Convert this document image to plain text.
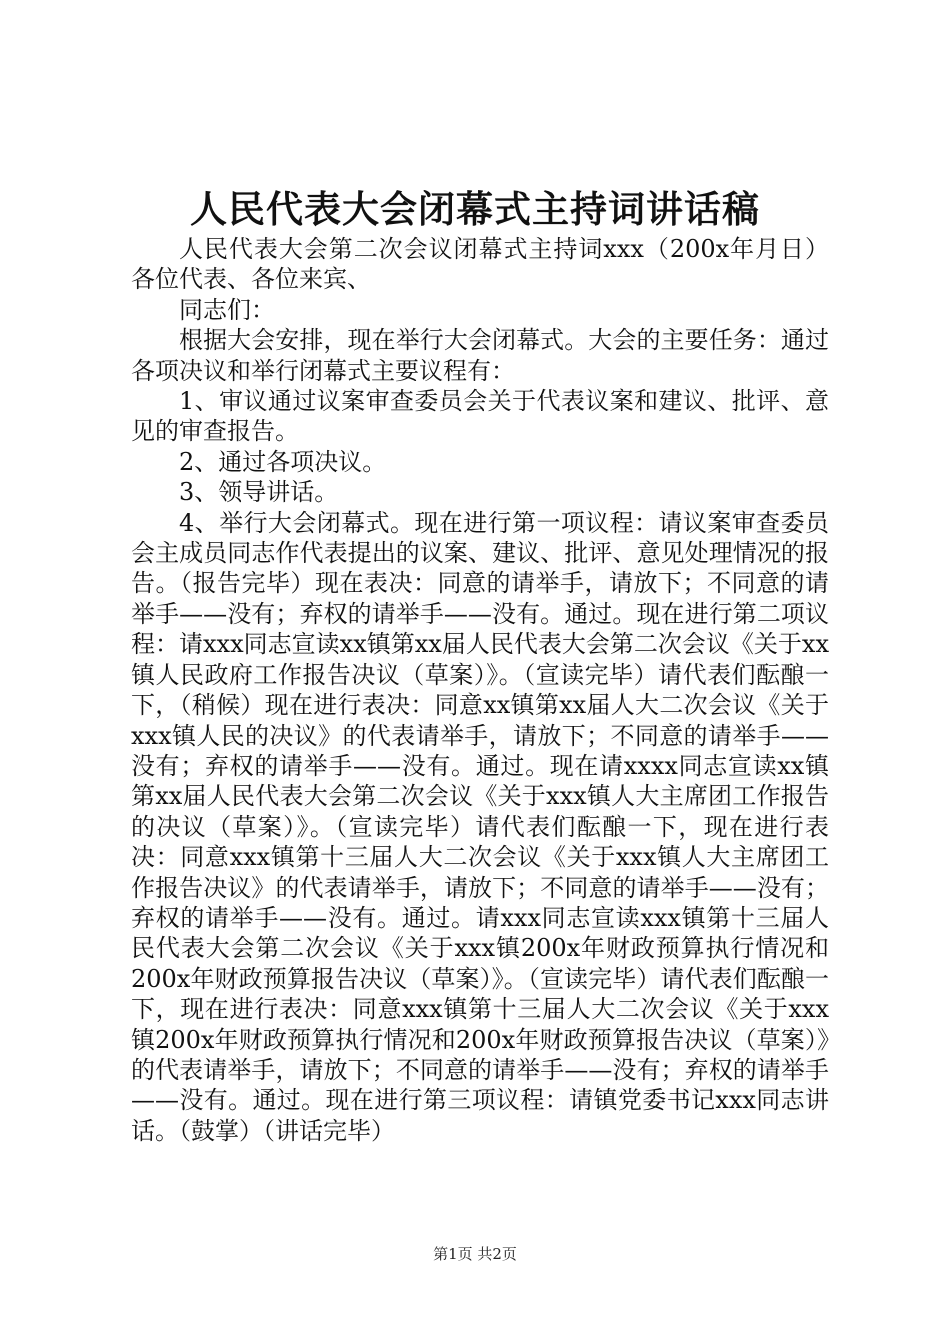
人民代表大会闭幕式主持词讲话稿

人民代表大会第二次会议闭幕式主持词xxx（200x年月日）各位代表、各位来宾、

同志们：

根据大会安排，现在举行大会闭幕式。大会的主要任务：通过各项决议和举行闭幕式主要议程有：

1、审议通过议案审查委员会关于代表议案和建议、批评、意见的审查报告。

2、通过各项决议。

3、领导讲话。

4、举行大会闭幕式。现在进行第一项议程：请议案审查委员会主成员同志作代表提出的议案、建议、批评、意见处理情况的报告。（报告完毕）现在表决：同意的请举手，请放下；不同意的请举手——没有；弃权的请举手——没有。通过。现在进行第二项议程：请xxx同志宣读xx镇第xx届人民代表大会第二次会议《关于xx镇人民政府工作报告决议（草案）》。（宣读完毕）请代表们酝酿一下，（稍候）现在进行表决：同意xx镇第xx届人大二次会议《关于xxx镇人民的决议》的代表请举手，请放下；不同意的请举手——没有；弃权的请举手——没有。通过。现在请xxxx同志宣读xx镇第xx届人民代表大会第二次会议《关于xxx镇人大主席团工作报告的决议（草案）》。（宣读完毕）请代表们酝酿一下，现在进行表决：同意xxx镇第十三届人大二次会议《关于xxx镇人大主席团工作报告决议》的代表请举手，请放下；不同意的请举手——没有；弃权的请举手——没有。通过。请xxx同志宣读xxx镇第十三届人民代表大会第二次会议《关于xxx镇200x年财政预算执行情况和200x年财政预算报告决议（草案）》。（宣读完毕）请代表们酝酿一下，现在进行表决：同意xxx镇第十三届人大二次会议《关于xxx镇200x年财政预算执行情况和200x年财政预算报告决议（草案）》的代表请举手，请放下；不同意的请举手——没有；弃权的请举手——没有。通过。现在进行第三项议程：请镇党委书记xxx同志讲话。（鼓掌）（讲话完毕）

第1页 共2页
